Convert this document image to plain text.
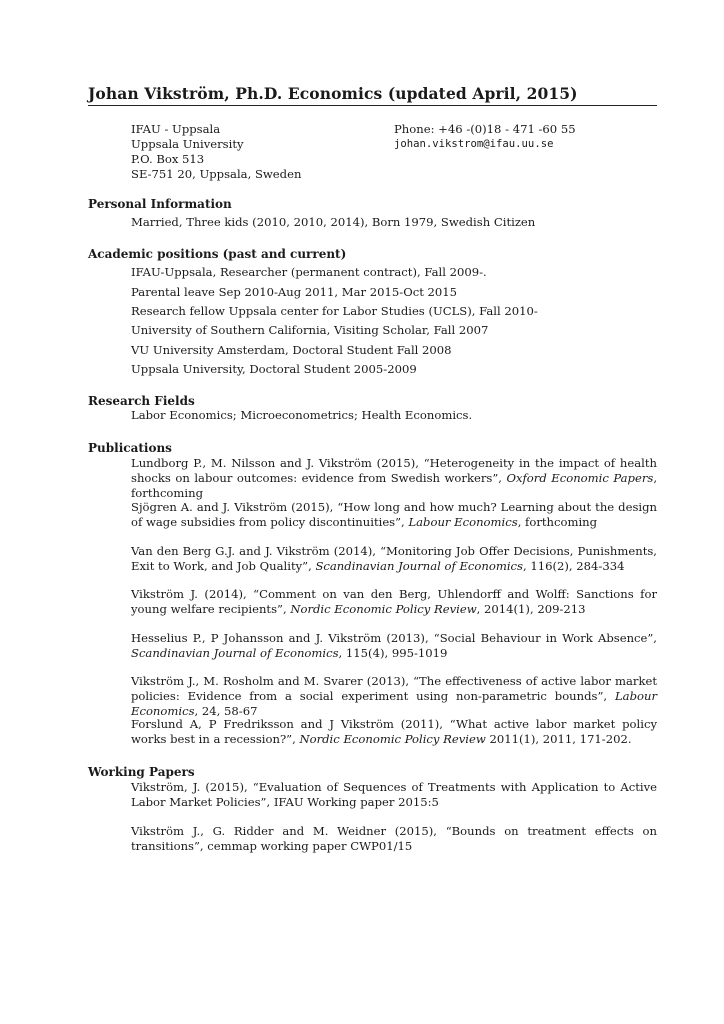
Johan Vikström, Ph.D. Economics (updated April, 2015)
IFAU - Uppsala
Uppsala University
P.O. Box 513
SE-751 20, Uppsala, Sweden
Phone: +46 -(0)18 - 471 -60 55
johan.vikstrom@ifau.uu.se
Personal Information
Married, Three kids (2010, 2010, 2014), Born 1979, Swedish Citizen
Academic positions (past and current)
IFAU-Uppsala, Researcher (permanent contract), Fall 2009-.
Parental leave Sep 2010-Aug 2011, Mar 2015-Oct 2015
Research fellow Uppsala center for Labor Studies (UCLS), Fall 2010-
University of Southern California, Visiting Scholar, Fall 2007
VU University Amsterdam, Doctoral Student Fall 2008
Uppsala University, Doctoral Student 2005-2009
Research Fields
Labor Economics; Microeconometrics; Health Economics.
Publications
Lundborg P., M. Nilsson and J. Vikström (2015), “Heterogeneity in the impact of health shocks on labour outcomes: evidence from Swedish workers”, Oxford Economic Papers, forthcoming
Sjögren A. and J. Vikström (2015), “How long and how much? Learning about the design of wage subsidies from policy discontinuities”, Labour Economics, forthcoming
Van den Berg G.J. and J. Vikström (2014), “Monitoring Job Offer Decisions, Punishments, Exit to Work, and Job Quality”, Scandinavian Journal of Economics, 116(2), 284-334
Vikström J. (2014), “Comment on van den Berg, Uhlendorff and Wolff: Sanctions for young welfare recipients”, Nordic Economic Policy Review, 2014(1), 209-213
Hesselius P., P Johansson and J. Vikström (2013), “Social Behaviour in Work Absence”, Scandinavian Journal of Economics, 115(4), 995-1019
Vikström J., M. Rosholm and M. Svarer (2013), “The effectiveness of active labor market policies: Evidence from a social experiment using non-parametric bounds”, Labour Economics, 24, 58-67
Forslund A, P Fredriksson and J Vikström (2011), “What active labor market policy works best in a recession?”, Nordic Economic Policy Review 2011(1), 2011, 171-202.
Working Papers
Vikström, J. (2015), “Evaluation of Sequences of Treatments with Application to Active Labor Market Policies”, IFAU Working paper 2015:5
Vikström J., G. Ridder and M. Weidner (2015), “Bounds on treatment effects on transitions”, cemmap working paper CWP01/15
